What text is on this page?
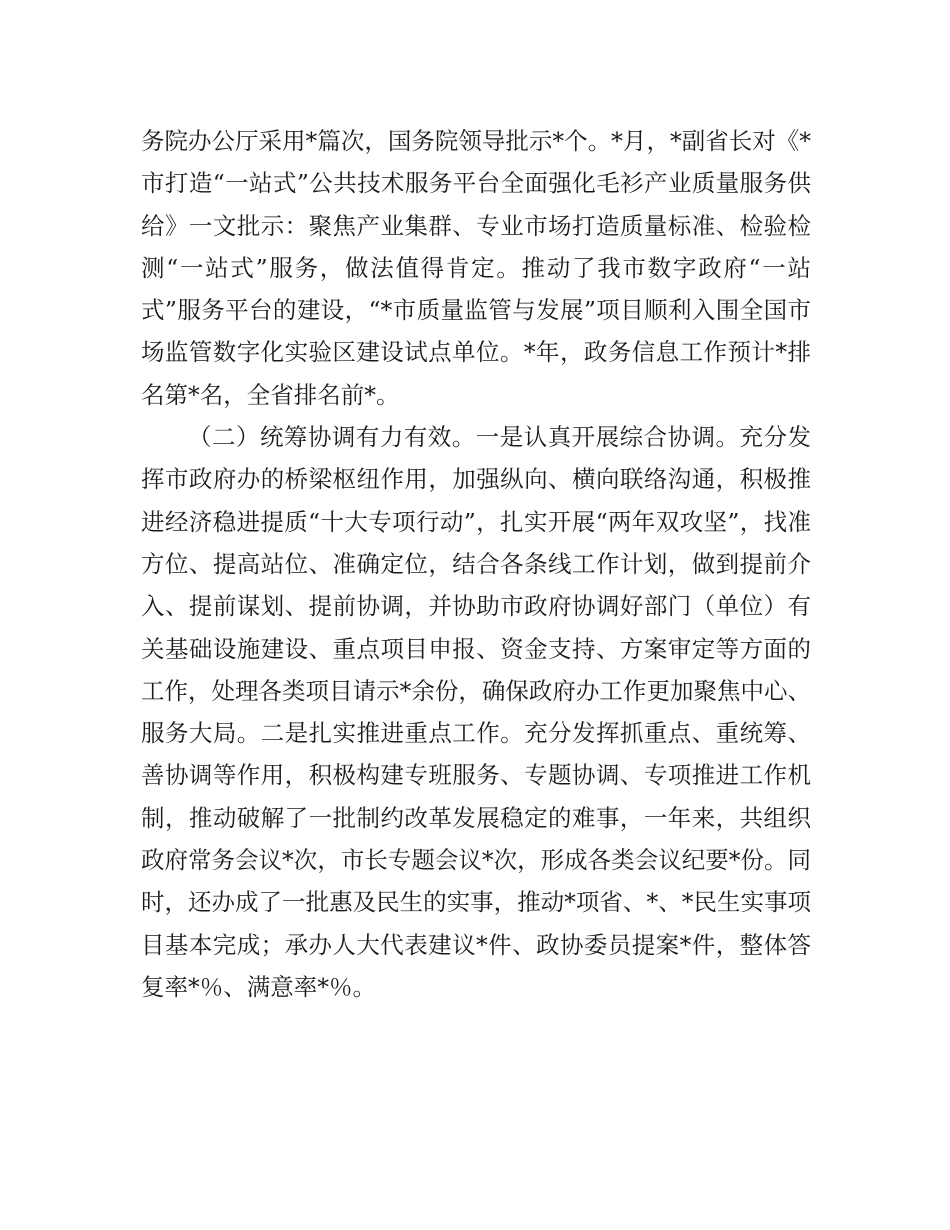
务院办公厅采用*篇次，国务院领导批示*个。*月，*副省长对《*市打造“一站式”公共技术服务平台全面强化毛衫产业质量服务供给》一文批示：聚焦产业集群、专业市场打造质量标准、检验检测“一站式”服务，做法值得肯定。推动了我市数字政府“一站式”服务平台的建设，“*市质量监管与发展”项目顺利入围全国市场监管数字化实验区建设试点单位。*年，政务信息工作预计*排名第*名，全省排名前*。

（二）统筹协调有力有效。一是认真开展综合协调。充分发挥市政府办的桥梁枢纽作用，加强纵向、横向联络沟通，积极推进经济稳进提质“十大专项行动”，扎实开展“两年双攻坚”，找准方位、提高站位、准确定位，结合各条线工作计划，做到提前介入、提前谋划、提前协调，并协助市政府协调好部门（单位）有关基础设施建设、重点项目申报、资金支持、方案审定等方面的工作，处理各类项目请示*余份，确保政府办工作更加聚焦中心、服务大局。二是扎实推进重点工作。充分发挥抓重点、重统筹、善协调等作用，积极构建专班服务、专题协调、专项推进工作机制，推动破解了一批制约改革发展稳定的难事，一年来，共组织政府常务会议*次，市长专题会议*次，形成各类会议纪要*份。同时，还办成了一批惠及民生的实事，推动*项省、*、*民生实事项目基本完成；承办人大代表建议*件、政协委员提案*件，整体答复率*％、满意率*％。
